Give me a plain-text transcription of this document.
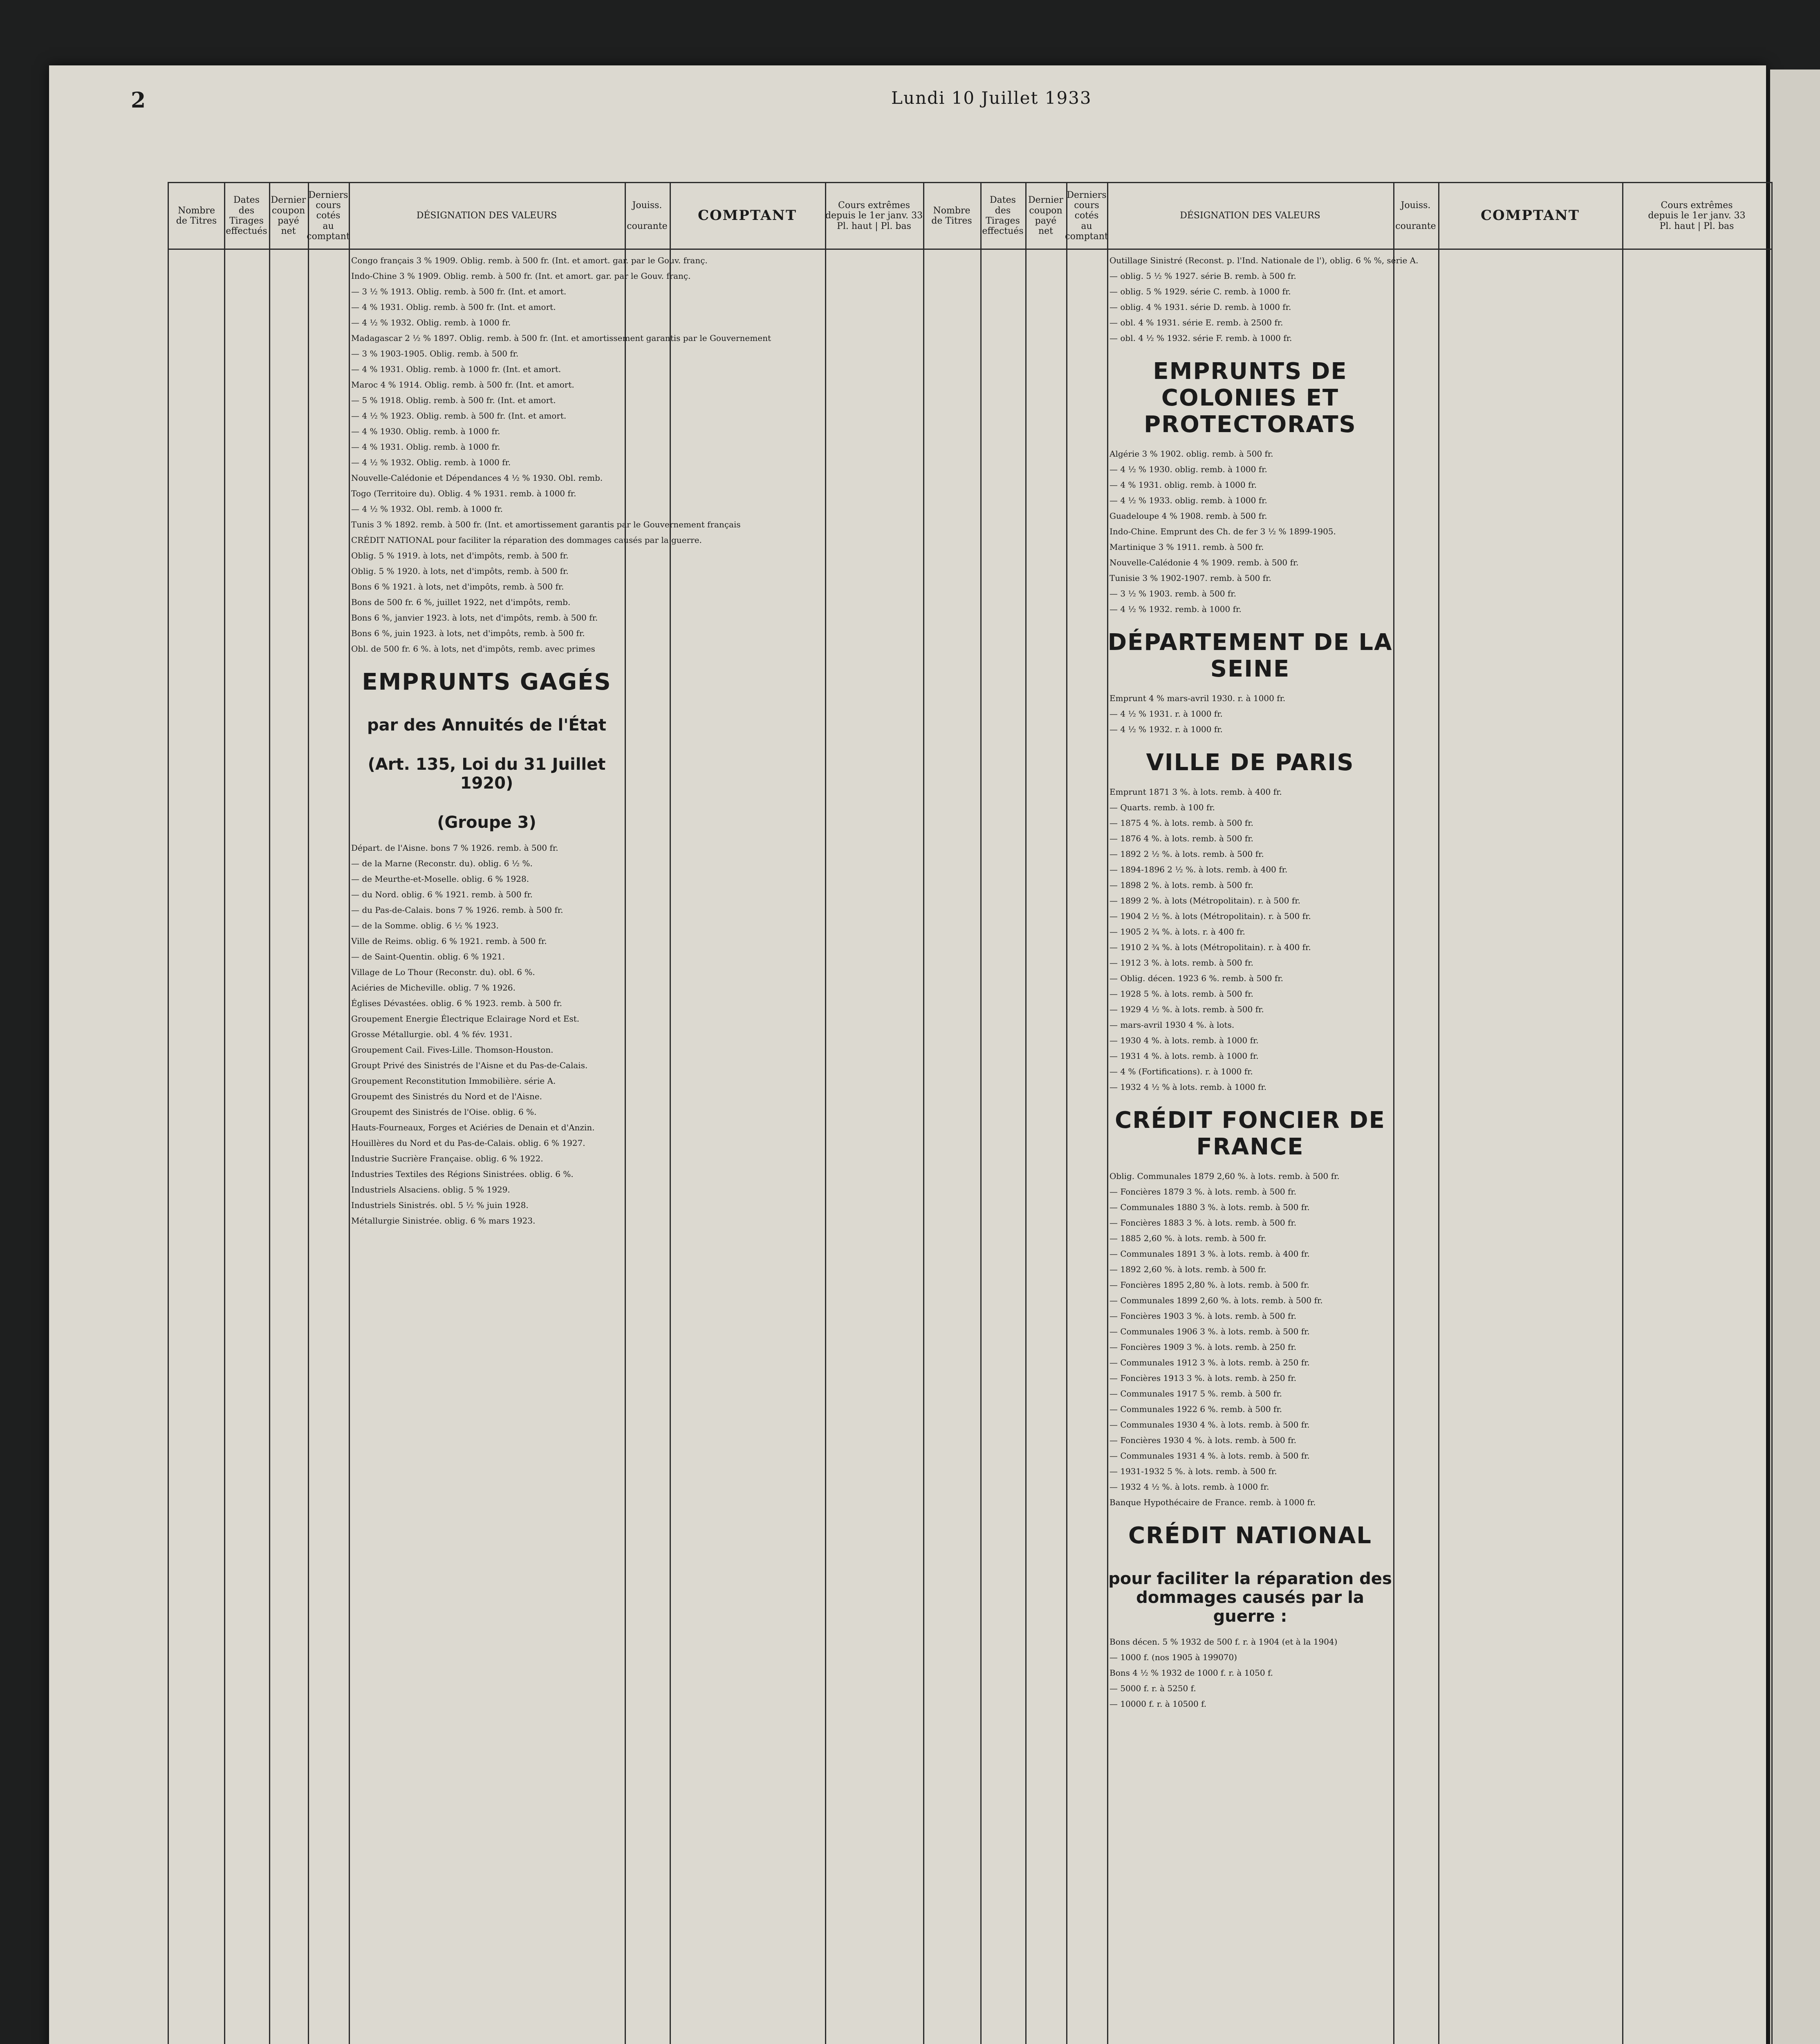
2	Lundi 10 Juillet 1933
Nombre
de Titres
Dates
des
Tirages
effectués
Dernier
coupon
payé
net
Derniers
cours
cotés
au
comptant
DÉSIGNATION DES VALEURS
Congo français 3 % 1909. Oblig. remb. à 500 fr. (Int. et amort. gar. par le Gouv. franç.
Indo-Chine 3 % 1909. Oblig. remb. à 500 fr. (Int. et amort. gar. par le Gouv. franç.
— 3 ½ % 1913. Oblig. remb. à 500 fr. (Int. et amort.
— 4 % 1931. Oblig. remb. à 500 fr. (Int. et amort.
— 4 ½ % 1932. Oblig. remb. à 1000 fr.
Madagascar 2 ½ % 1897. Oblig. remb. à 500 fr. (Int. et amortissement garantis par le Gouvernement
— 3 % 1903-1905. Oblig. remb. à 500 fr.
— 4 % 1931. Oblig. remb. à 1000 fr. (Int. et amort.
Maroc 4 % 1914. Oblig. remb. à 500 fr. (Int. et amort.
— 5 % 1918. Oblig. remb. à 500 fr. (Int. et amort.
— 4 ½ % 1923. Oblig. remb. à 500 fr. (Int. et amort.
— 4 % 1930. Oblig. remb. à 1000 fr.
— 4 % 1931. Oblig. remb. à 1000 fr.
— 4 ½ % 1932. Oblig. remb. à 1000 fr.
Nouvelle-Calédonie et Dépendances 4 ½ % 1930. Obl. remb.
Togo (Territoire du). Oblig. 4 % 1931. remb. à 1000 fr.
— 4 ½ % 1932. Obl. remb. à 1000 fr.
Tunis 3 % 1892. remb. à 500 fr. (Int. et amortissement garantis par le Gouvernement français
CRÉDIT NATIONAL pour faciliter la réparation des dommages causés par la guerre.
Oblig. 5 % 1919. à lots, net d'impôts, remb. à 500 fr.
Oblig. 5 % 1920. à lots, net d'impôts, remb. à 500 fr.
Bons 6 % 1921. à lots, net d'impôts, remb. à 500 fr.
Bons de 500 fr. 6 %, juillet 1922, net d'impôts, remb.
Bons 6 %, janvier 1923. à lots, net d'impôts, remb. à 500 fr.
Bons 6 %, juin 1923. à lots, net d'impôts, remb. à 500 fr.
Obl. de 500 fr. 6 %. à lots, net d'impôts, remb. avec primes
EMPRUNTS GAGÉS
par des Annuités de l'État
(Art. 135, Loi du 31 Juillet 1920)
(Groupe 3)
Départ. de l'Aisne. bons 7 % 1926. remb. à 500 fr.
— de la Marne (Reconstr. du). oblig. 6 ½ %.
— de Meurthe-et-Moselle. oblig. 6 % 1928.
— du Nord. oblig. 6 % 1921. remb. à 500 fr.
— du Pas-de-Calais. bons 7 % 1926. remb. à 500 fr.
— de la Somme. oblig. 6 ½ % 1923.
Ville de Reims. oblig. 6 % 1921. remb. à 500 fr.
— de Saint-Quentin. oblig. 6 % 1921.
Village de Lo Thour (Reconstr. du). obl. 6 %.
Aciéries de Micheville. oblig. 7 % 1926.
Églises Dévastées. oblig. 6 % 1923. remb. à 500 fr.
Groupement Energie Électrique Eclairage Nord et Est.
Grosse Métallurgie. obl. 4 % fév. 1931.
Groupement Cail. Fives-Lille. Thomson-Houston.
Groupt Privé des Sinistrés de l'Aisne et du Pas-de-Calais.
Groupement Reconstitution Immobilière. série A.
Groupemt des Sinistrés du Nord et de l'Aisne.
Groupemt des Sinistrés de l'Oise. oblig. 6 %.
Hauts-Fourneaux, Forges et Aciéries de Denain et d'Anzin.
Houillères du Nord et du Pas-de-Calais. oblig. 6 % 1927.
Industrie Sucrière Française. oblig. 6 % 1922.
Industries Textiles des Régions Sinistrées. oblig. 6 %.
Industriels Alsaciens. oblig. 5 % 1929.
Industriels Sinistrés. obl. 5 ½ % juin 1928.
Métallurgie Sinistrée. oblig. 6 % mars 1923.
Jouiss.

courante
COMPTANT
Cours extrêmes
depuis le 1er janv. 33
Pl. haut | Pl. bas
Nombre
de Titres
Dates
des
Tirages
effectués
Dernier
coupon
payé
net
Derniers
cours
cotés
au
comptant
DÉSIGNATION DES VALEURS
Outillage Sinistré (Reconst. p. l'Ind. Nationale de l'), oblig. 6 % %, série A.
— oblig. 5 ½ % 1927. série B. remb. à 500 fr.
— oblig. 5 % 1929. série C. remb. à 1000 fr.
— oblig. 4 % 1931. série D. remb. à 1000 fr.
— obl. 4 % 1931. série E. remb. à 2500 fr.
— obl. 4 ½ % 1932. série F. remb. à 1000 fr.
EMPRUNTS DE COLONIES ET PROTECTORATS
Algérie 3 % 1902. oblig. remb. à 500 fr.
— 4 ½ % 1930. oblig. remb. à 1000 fr.
— 4 % 1931. oblig. remb. à 1000 fr.
— 4 ½ % 1933. oblig. remb. à 1000 fr.
Guadeloupe 4 % 1908. remb. à 500 fr.
Indo-Chine. Emprunt des Ch. de fer 3 ½ % 1899-1905.
Martinique 3 % 1911. remb. à 500 fr.
Nouvelle-Calédonie 4 % 1909. remb. à 500 fr.
Tunisie 3 % 1902-1907. remb. à 500 fr.
— 3 ½ % 1903. remb. à 500 fr.
— 4 ½ % 1932. remb. à 1000 fr.
DÉPARTEMENT DE LA SEINE
Emprunt 4 % mars-avril 1930. r. à 1000 fr.
— 4 ½ % 1931. r. à 1000 fr.
— 4 ½ % 1932. r. à 1000 fr.
VILLE DE PARIS
Emprunt 1871 3 %. à lots. remb. à 400 fr.
— Quarts. remb. à 100 fr.
— 1875 4 %. à lots. remb. à 500 fr.
— 1876 4 %. à lots. remb. à 500 fr.
— 1892 2 ½ %. à lots. remb. à 500 fr.
— 1894-1896 2 ½ %. à lots. remb. à 400 fr.
— 1898 2 %. à lots. remb. à 500 fr.
— 1899 2 %. à lots (Métropolitain). r. à 500 fr.
— 1904 2 ½ %. à lots (Métropolitain). r. à 500 fr.
— 1905 2 ¾ %. à lots. r. à 400 fr.
— 1910 2 ¾ %. à lots (Métropolitain). r. à 400 fr.
— 1912 3 %. à lots. remb. à 500 fr.
— Oblig. décen. 1923 6 %. remb. à 500 fr.
— 1928 5 %. à lots. remb. à 500 fr.
— 1929 4 ½ %. à lots. remb. à 500 fr.
— mars-avril 1930 4 %. à lots.
— 1930 4 %. à lots. remb. à 1000 fr.
— 1931 4 %. à lots. remb. à 1000 fr.
— 4 % (Fortifications). r. à 1000 fr.
— 1932 4 ½ % à lots. remb. à 1000 fr.
CRÉDIT FONCIER DE FRANCE
Oblig. Communales 1879 2,60 %. à lots. remb. à 500 fr.
— Foncières 1879 3 %. à lots. remb. à 500 fr.
— Communales 1880 3 %. à lots. remb. à 500 fr.
— Foncières 1883 3 %. à lots. remb. à 500 fr.
— 1885 2,60 %. à lots. remb. à 500 fr.
— Communales 1891 3 %. à lots. remb. à 400 fr.
— 1892 2,60 %. à lots. remb. à 500 fr.
— Foncières 1895 2,80 %. à lots. remb. à 500 fr.
— Communales 1899 2,60 %. à lots. remb. à 500 fr.
— Foncières 1903 3 %. à lots. remb. à 500 fr.
— Communales 1906 3 %. à lots. remb. à 500 fr.
— Foncières 1909 3 %. à lots. remb. à 250 fr.
— Communales 1912 3 %. à lots. remb. à 250 fr.
— Foncières 1913 3 %. à lots. remb. à 250 fr.
— Communales 1917 5 %. remb. à 500 fr.
— Communales 1922 6 %. remb. à 500 fr.
— Communales 1930 4 %. à lots. remb. à 500 fr.
— Foncières 1930 4 %. à lots. remb. à 500 fr.
— Communales 1931 4 %. à lots. remb. à 500 fr.
— 1931-1932 5 %. à lots. remb. à 500 fr.
— 1932 4 ½ %. à lots. remb. à 1000 fr.
Banque Hypothécaire de France. remb. à 1000 fr.
CRÉDIT NATIONAL
pour faciliter la réparation des dommages causés par la guerre :
Bons décen. 5 % 1932 de 500 f. r. à 1904 (et à la 1904)
— 1000 f. (nos 1905 à 199070)
Bons 4 ½ % 1932 de 1000 f. r. à 1050 f.
— 5000 f. r. à 5250 f.
— 10000 f. r. à 10500 f.
Jouiss.

courante
COMPTANT
Cours extrêmes
depuis le 1er janv. 33
Pl. haut | Pl. bas
